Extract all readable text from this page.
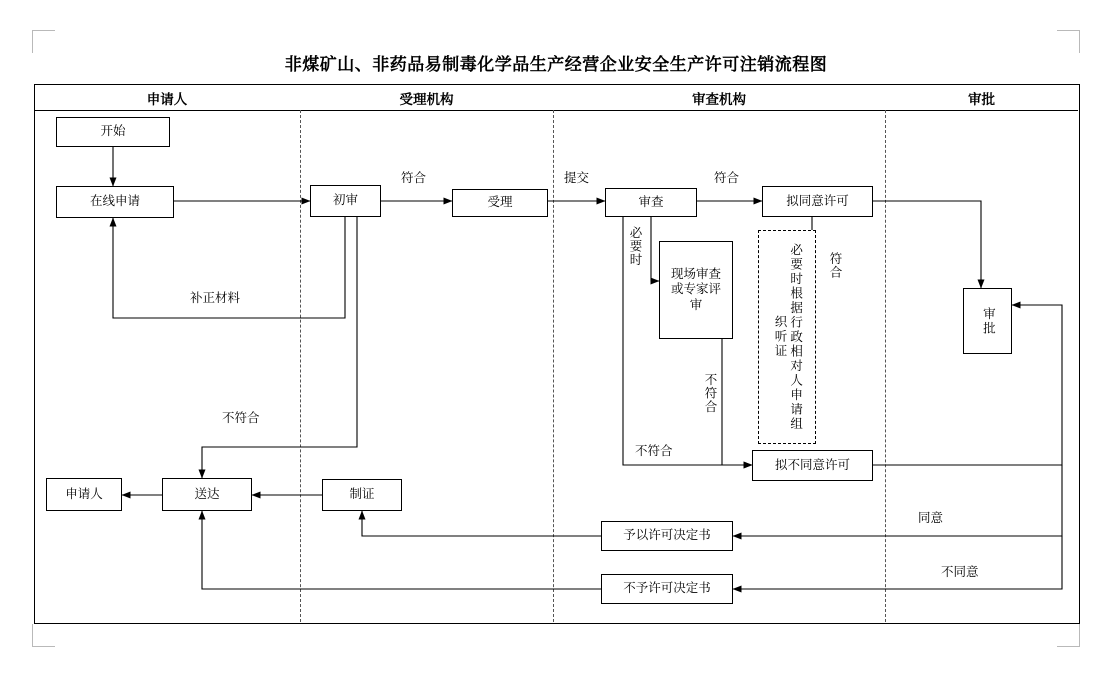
非煤矿山、非药品易制毒化学品生产经营企业安全生产许可注销流程图
申请人	受理机构	审查机构	审批
开始
在线申请	初审	受理	审查
现场审查或专家评审	必要时根据行政相对人申请组织听证
拟同意许可
拟不同意许可
审批
制证
送达
申请人
予以许可决定书
不予许可决定书
符合	提交	符合
必要时	符合
不符合
不符合
不符合
补正材料
同意
不同意
